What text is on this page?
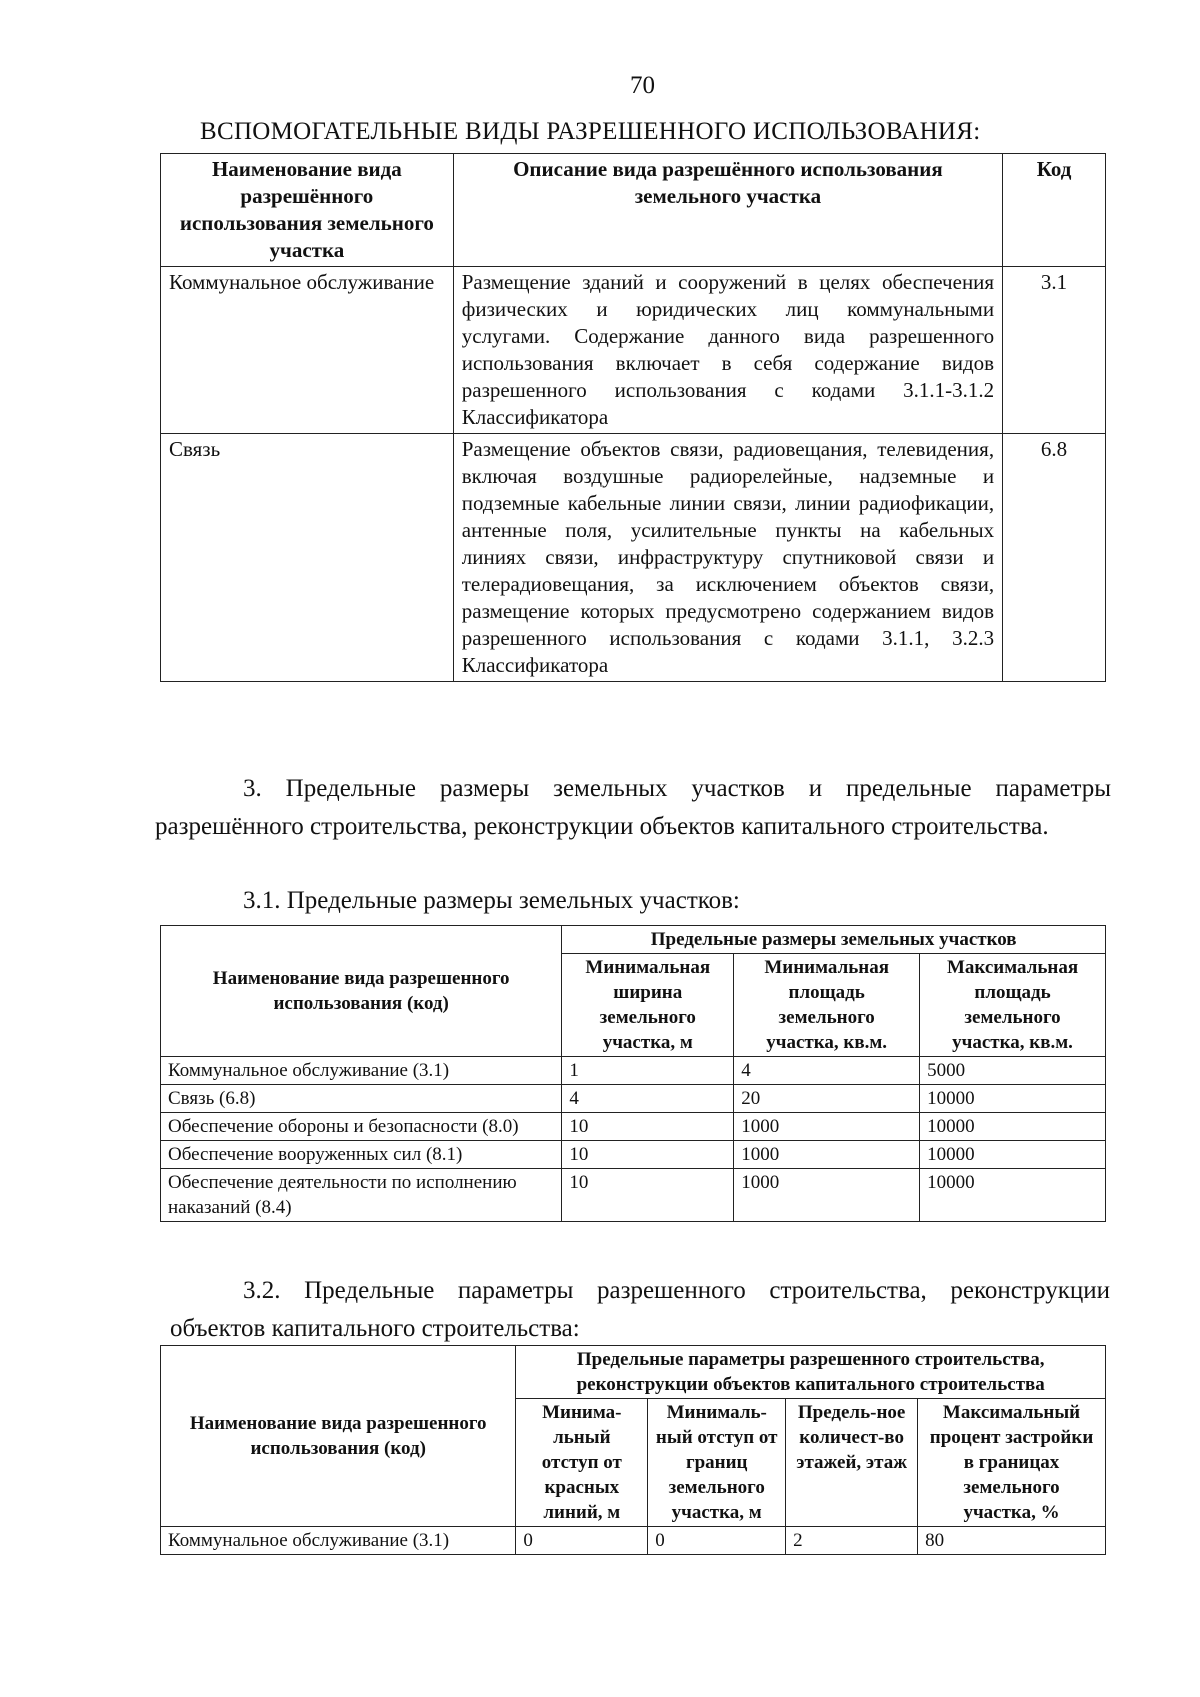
70
ВСПОМОГАТЕЛЬНЫЕ ВИДЫ РАЗРЕШЕННОГО ИСПОЛЬЗОВАНИЯ:
Наименование вида разрешённого использования земельного участка	Описание вида разрешённого использования земельного участка	Код
Коммунальное обслуживание	Размещение зданий и сооружений в целях обеспечения физических и юридических лиц коммунальными услугами. Содержание данного вида разрешенного использования включает в себя содержание видов разрешенного использования с кодами 3.1.1-3.1.2 Классификатора	3.1
Связь	Размещение объектов связи, радиовещания, телевидения, включая воздушные радиорелейные, надземные и подземные кабельные линии связи, линии радиофикации, антенные поля, усилительные пункты на кабельных линиях связи, инфраструктуру спутниковой связи и телерадиовещания, за исключением объектов связи, размещение которых предусмотрено содержанием видов разрешенного использования с кодами 3.1.1, 3.2.3 Классификатора	6.8
3. Предельные размеры земельных участков и предельные параметры разрешённого строительства, реконструкции объектов капитального строительства.
3.1. Предельные размеры земельных участков:
Наименование вида разрешенного использования (код)	Предельные размеры земельных участков		
	Минимальная ширина земельного участка, м	Минимальная площадь земельного участка, кв.м.	Максимальная площадь земельного участка, кв.м.
Коммунальное обслуживание (3.1)	1	4	5000
Связь (6.8)	4	20	10000
Обеспечение обороны и безопасности (8.0)	10	1000	10000
Обеспечение вооруженных сил (8.1)	10	1000	10000
Обеспечение деятельности по исполнению наказаний (8.4)	10	1000	10000
3.2. Предельные параметры разрешенного строительства, реконструкции объектов капитального строительства:
Наименование вида разрешенного использования (код)	Предельные параметры разрешенного строительства, реконструкции объектов капитального строительства			
	Минима-льный отступ от красных линий, м	Минималь-ный отступ от границ земельного участка, м	Предель-ное количест-во этажей, этаж	Максимальный процент застройки в границах земельного участка, %
Коммунальное обслуживание (3.1)	0	0	2	80
